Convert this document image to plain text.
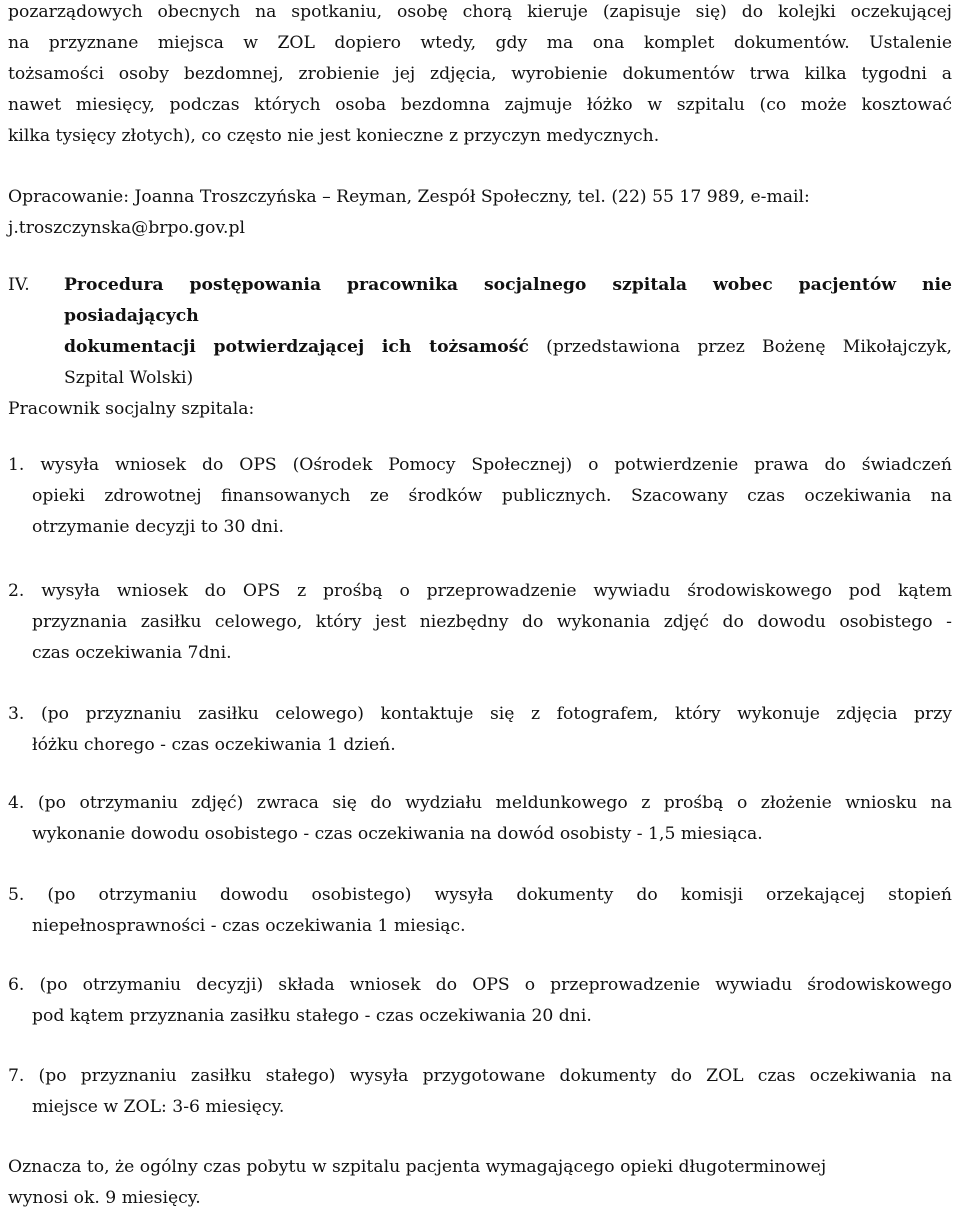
pozarządowych obecnych na spotkaniu, osobę chorą kieruje (zapisuje się) do kolejki oczekującej

na przyznane miejsca w ZOL dopiero wtedy, gdy ma ona komplet dokumentów. Ustalenie

tożsamości osoby bezdomnej, zrobienie jej zdjęcia, wyrobienie dokumentów trwa kilka tygodni a

nawet miesięcy, podczas których osoba bezdomna zajmuje łóżko w szpitalu (co może kosztować

kilka tysięcy złotych), co często nie jest konieczne z przyczyn medycznych.

Opracowanie: Joanna Troszczyńska – Reyman, Zespół Społeczny, tel. (22) 55 17 989, e-mail:

j.troszczynska@brpo.gov.pl

IV.	Procedura postępowania pracownika socjalnego szpitala wobec pacjentów nie posiadających

dokumentacji potwierdzającej ich tożsamość (przedstawiona przez Bożenę Mikołajczyk,

Szpital Wolski)

Pracownik socjalny szpitala:

1. wysyła wniosek do OPS (Ośrodek Pomocy Społecznej) o potwierdzenie prawa do świadczeń

opieki zdrowotnej finansowanych ze środków publicznych. Szacowany czas oczekiwania na

otrzymanie decyzji to 30 dni.

2. wysyła wniosek do OPS z prośbą o przeprowadzenie wywiadu środowiskowego pod kątem

przyznania zasiłku celowego, który jest niezbędny do wykonania zdjęć do dowodu osobistego -

czas oczekiwania 7dni.

3. (po przyznaniu zasiłku celowego) kontaktuje się z fotografem, który wykonuje zdjęcia przy

łóżku chorego - czas oczekiwania 1 dzień.

4. (po otrzymaniu zdjęć) zwraca się do wydziału meldunkowego z prośbą o złożenie wniosku na

wykonanie dowodu osobistego - czas oczekiwania na dowód osobisty - 1,5 miesiąca.

5. (po otrzymaniu dowodu osobistego) wysyła dokumenty do komisji orzekającej stopień

niepełnosprawności - czas oczekiwania 1 miesiąc.

6. (po otrzymaniu decyzji) składa wniosek do OPS o przeprowadzenie wywiadu środowiskowego

pod kątem przyznania zasiłku stałego - czas oczekiwania 20 dni.

7. (po przyznaniu zasiłku stałego) wysyła przygotowane dokumenty do ZOL czas oczekiwania na

miejsce w ZOL: 3-6 miesięcy.

Oznacza to, że ogólny czas pobytu w szpitalu pacjenta wymagającego opieki długoterminowej

wynosi ok. 9 miesięcy.
